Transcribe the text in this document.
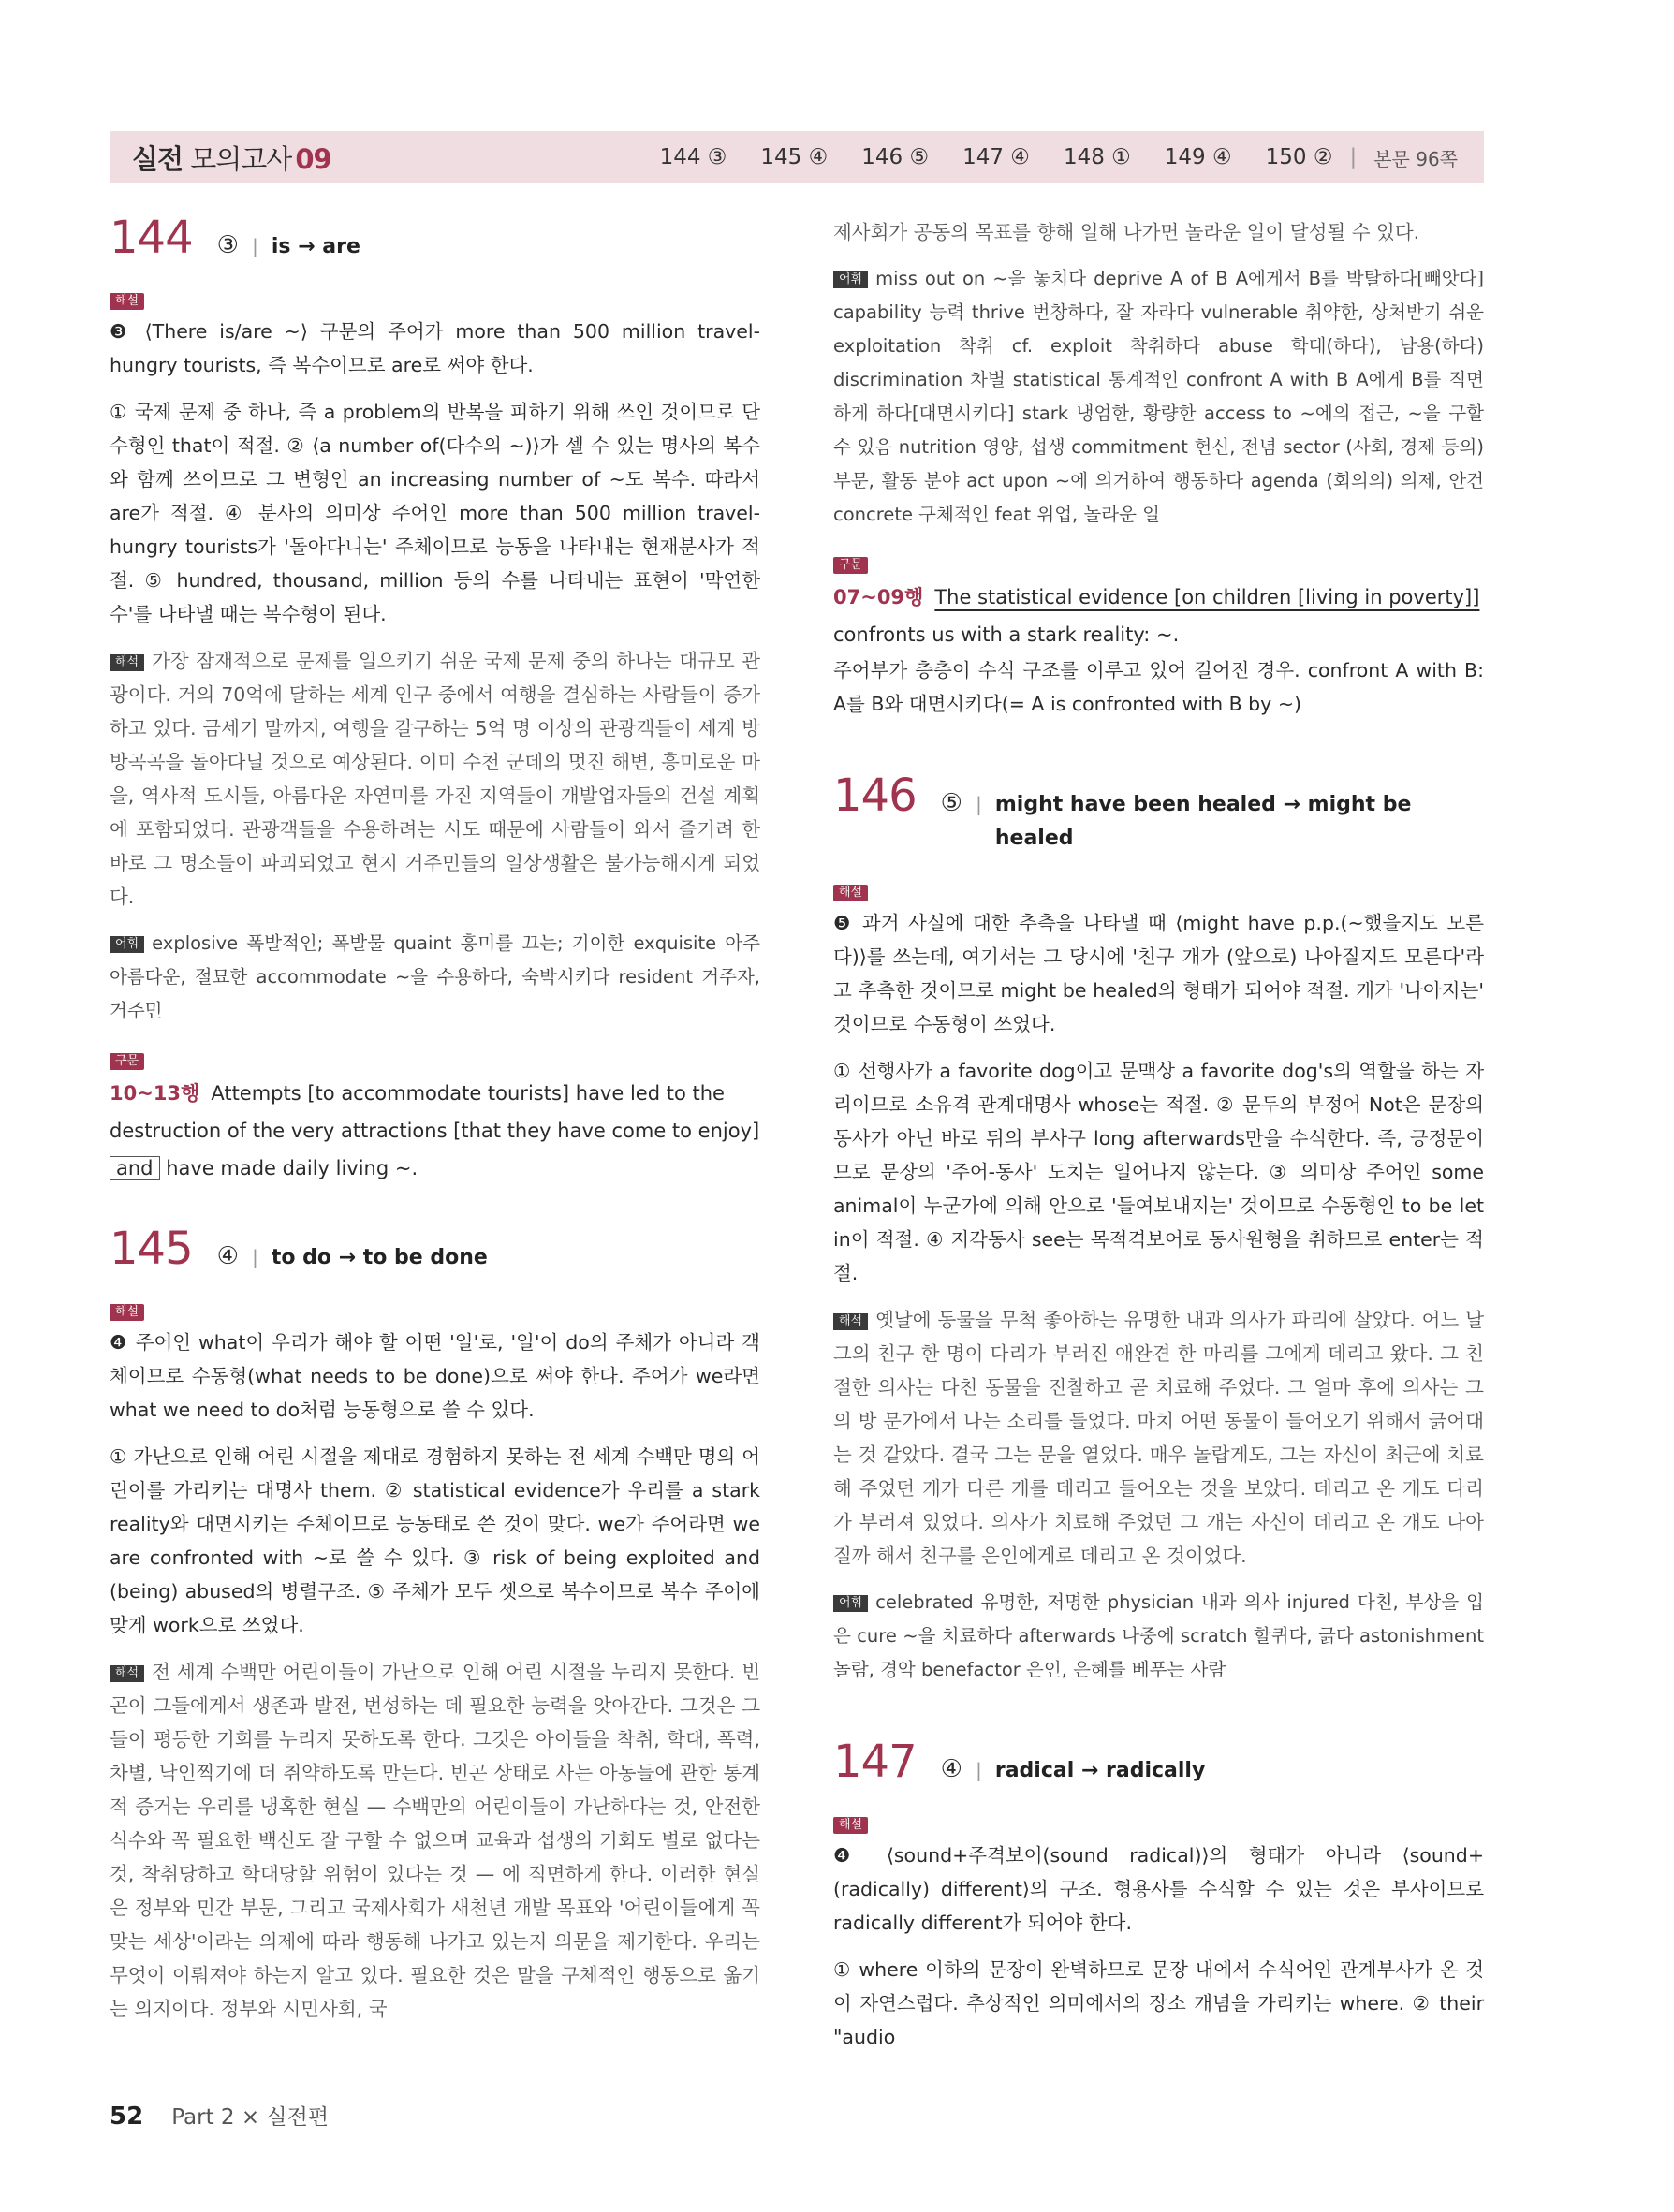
실전 모의고사 09	144 ③ 145 ④ 146 ⑤ 147 ④ 148 ① 149 ④ 150 ② | 본문 96쪽
144 ③ | is → are
해설

❸ ⟨There is/are ~⟩ 구문의 주어가 more than 500 million travel-hungry tourists, 즉 복수이므로 are로 써야 한다.

① 국제 문제 중 하나, 즉 a problem의 반복을 피하기 위해 쓰인 것이므로 단수형인 that이 적절. ② ⟨a number of(다수의 ~)⟩가 셀 수 있는 명사의 복수와 함께 쓰이므로 그 변형인 an increasing number of ~도 복수. 따라서 are가 적절. ④ 분사의 의미상 주어인 more than 500 million travel-hungry tourists가 '돌아다니는' 주체이므로 능동을 나타내는 현재분사가 적절. ⑤ hundred, thousand, million 등의 수를 나타내는 표현이 '막연한 수'를 나타낼 때는 복수형이 된다.

해석 가장 잠재적으로 문제를 일으키기 쉬운 국제 문제 중의 하나는 대규모 관광이다. 거의 70억에 달하는 세계 인구 중에서 여행을 결심하는 사람들이 증가하고 있다. 금세기 말까지, 여행을 갈구하는 5억 명 이상의 관광객들이 세계 방방곡곡을 돌아다닐 것으로 예상된다. 이미 수천 군데의 멋진 해변, 흥미로운 마을, 역사적 도시들, 아름다운 자연미를 가진 지역들이 개발업자들의 건설 계획에 포함되었다. 관광객들을 수용하려는 시도 때문에 사람들이 와서 즐기려 한 바로 그 명소들이 파괴되었고 현지 거주민들의 일상생활은 불가능해지게 되었다.

어휘 explosive 폭발적인; 폭발물 quaint 흥미를 끄는; 기이한 exquisite 아주 아름다운, 절묘한 accommodate ~을 수용하다, 숙박시키다 resident 거주자, 거주민

구문
10~13행 Attempts [to accommodate tourists] have led to the
destruction of the very attractions [that they have come to enjoy]
and have made daily living ~.
145 ④ | to do → to be done
해설

❹ 주어인 what이 우리가 해야 할 어떤 '일'로, '일'이 do의 주체가 아니라 객체이므로 수동형(what needs to be done)으로 써야 한다. 주어가 we라면 what we need to do처럼 능동형으로 쓸 수 있다.

① 가난으로 인해 어린 시절을 제대로 경험하지 못하는 전 세계 수백만 명의 어린이를 가리키는 대명사 them. ② statistical evidence가 우리를 a stark reality와 대면시키는 주체이므로 능동태로 쓴 것이 맞다. we가 주어라면 we are confronted with ~로 쓸 수 있다. ③ risk of being exploited and (being) abused의 병렬구조. ⑤ 주체가 모두 셋으로 복수이므로 복수 주어에 맞게 work으로 쓰였다.

해석 전 세계 수백만 어린이들이 가난으로 인해 어린 시절을 누리지 못한다. 빈곤이 그들에게서 생존과 발전, 번성하는 데 필요한 능력을 앗아간다. 그것은 그들이 평등한 기회를 누리지 못하도록 한다. 그것은 아이들을 착취, 학대, 폭력, 차별, 낙인찍기에 더 취약하도록 만든다. 빈곤 상태로 사는 아동들에 관한 통계적 증거는 우리를 냉혹한 현실 — 수백만의 어린이들이 가난하다는 것, 안전한 식수와 꼭 필요한 백신도 잘 구할 수 없으며 교육과 섭생의 기회도 별로 없다는 것, 착취당하고 학대당할 위험이 있다는 것 — 에 직면하게 한다. 이러한 현실은 정부와 민간 부문, 그리고 국제사회가 새천년 개발 목표와 '어린이들에게 꼭 맞는 세상'이라는 의제에 따라 행동해 나가고 있는지 의문을 제기한다. 우리는 무엇이 이뤄져야 하는지 알고 있다. 필요한 것은 말을 구체적인 행동으로 옮기는 의지이다. 정부와 시민사회, 국

제사회가 공동의 목표를 향해 일해 나가면 놀라운 일이 달성될 수 있다.

어휘 miss out on ~을 놓치다 deprive A of B A에게서 B를 박탈하다[빼앗다] capability 능력 thrive 번창하다, 잘 자라다 vulnerable 취약한, 상처받기 쉬운 exploitation 착취 cf. exploit 착취하다 abuse 학대(하다), 남용(하다) discrimination 차별 statistical 통계적인 confront A with B A에게 B를 직면하게 하다[대면시키다] stark 냉엄한, 황량한 access to ~에의 접근, ~을 구할 수 있음 nutrition 영양, 섭생 commitment 헌신, 전념 sector (사회, 경제 등의) 부문, 활동 분야 act upon ~에 의거하여 행동하다 agenda (회의의) 의제, 안건 concrete 구체적인 feat 위업, 놀라운 일

구문
07~09행 The statistical evidence [on children [living in poverty]]
confronts us with a stark reality: ~.

주어부가 층층이 수식 구조를 이루고 있어 길어진 경우. confront A with B: A를 B와 대면시키다(= A is confronted with B by ~)

146 ⑤ | might have been healed → might be healed
해설

❺ 과거 사실에 대한 추측을 나타낼 때 ⟨might have p.p.(~했을지도 모른다)⟩를 쓰는데, 여기서는 그 당시에 '친구 개가 (앞으로) 나아질지도 모른다'라고 추측한 것이므로 might be healed의 형태가 되어야 적절. 개가 '나아지는' 것이므로 수동형이 쓰였다.

① 선행사가 a favorite dog이고 문맥상 a favorite dog's의 역할을 하는 자리이므로 소유격 관계대명사 whose는 적절. ② 문두의 부정어 Not은 문장의 동사가 아닌 바로 뒤의 부사구 long afterwards만을 수식한다. 즉, 긍정문이므로 문장의 '주어-동사' 도치는 일어나지 않는다. ③ 의미상 주어인 some animal이 누군가에 의해 안으로 '들여보내지는' 것이므로 수동형인 to be let in이 적절. ④ 지각동사 see는 목적격보어로 동사원형을 취하므로 enter는 적절.

해석 옛날에 동물을 무척 좋아하는 유명한 내과 의사가 파리에 살았다. 어느 날 그의 친구 한 명이 다리가 부러진 애완견 한 마리를 그에게 데리고 왔다. 그 친절한 의사는 다친 동물을 진찰하고 곧 치료해 주었다. 그 얼마 후에 의사는 그의 방 문가에서 나는 소리를 들었다. 마치 어떤 동물이 들어오기 위해서 긁어대는 것 같았다. 결국 그는 문을 열었다. 매우 놀랍게도, 그는 자신이 최근에 치료해 주었던 개가 다른 개를 데리고 들어오는 것을 보았다. 데리고 온 개도 다리가 부러져 있었다. 의사가 치료해 주었던 그 개는 자신이 데리고 온 개도 나아질까 해서 친구를 은인에게로 데리고 온 것이었다.

어휘 celebrated 유명한, 저명한 physician 내과 의사 injured 다친, 부상을 입은 cure ~을 치료하다 afterwards 나중에 scratch 할퀴다, 긁다 astonishment 놀람, 경악 benefactor 은인, 은혜를 베푸는 사람

147 ④ | radical → radically
해설

❹ ⟨sound+주격보어(sound radical)⟩의 형태가 아니라 ⟨sound+(radically) different⟩의 구조. 형용사를 수식할 수 있는 것은 부사이므로 radically different가 되어야 한다.

① where 이하의 문장이 완벽하므로 문장 내에서 수식어인 관계부사가 온 것이 자연스럽다. 추상적인 의미에서의 장소 개념을 가리키는 where. ② their "audio

52 Part 2 × 실전편
